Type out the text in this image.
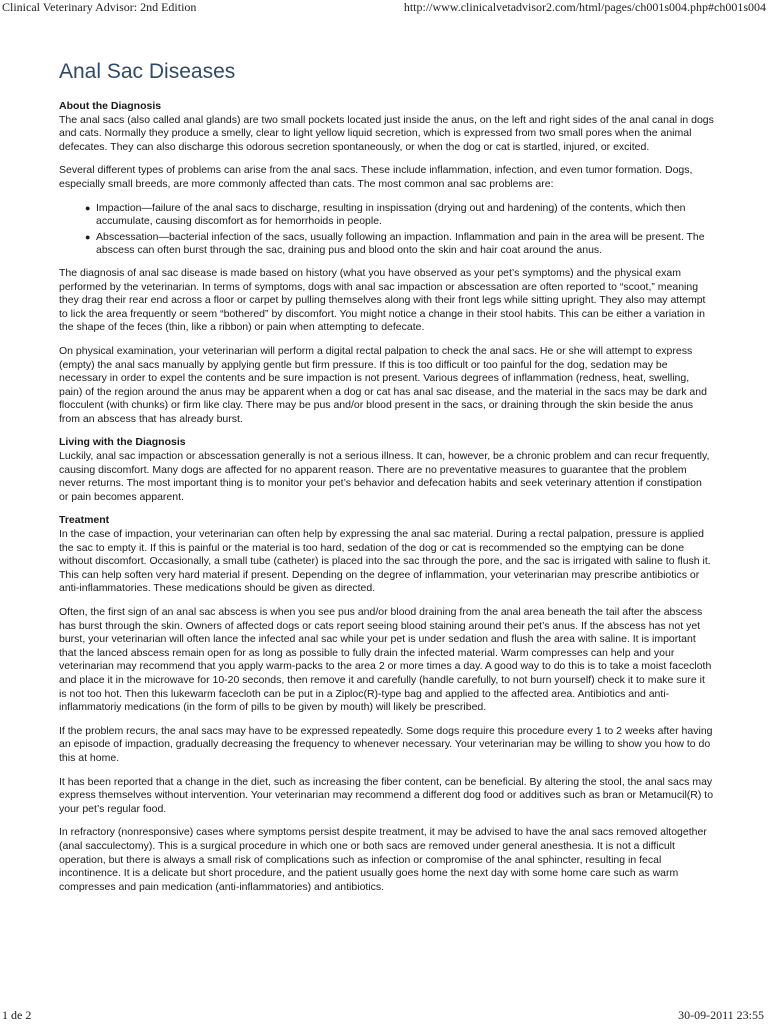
Clinical Veterinary Advisor: 2nd Edition	http://www.clinicalvetadvisor2.com/html/pages/ch001s004.php#ch001s004
Anal Sac Diseases
About the Diagnosis

The anal sacs (also called anal glands) are two small pockets located just inside the anus, on the left and right sides of the anal canal in dogs and cats. Normally they produce a smelly, clear to light yellow liquid secretion, which is expressed from two small pores when the animal defecates. They can also discharge this odorous secretion spontaneously, or when the dog or cat is startled, injured, or excited.

Several different types of problems can arise from the anal sacs. These include inflammation, infection, and even tumor formation. Dogs, especially small breeds, are more commonly affected than cats. The most common anal sac problems are:

● Impaction—failure of the anal sacs to discharge, resulting in inspissation (drying out and hardening) of the contents, which then accumulate, causing discomfort as for hemorrhoids in people.
● Abscessation—bacterial infection of the sacs, usually following an impaction. Inflammation and pain in the area will be present. The abscess can often burst through the sac, draining pus and blood onto the skin and hair coat around the anus.

The diagnosis of anal sac disease is made based on history (what you have observed as your pet’s symptoms) and the physical exam performed by the veterinarian. In terms of symptoms, dogs with anal sac impaction or abscessation are often reported to “scoot,” meaning they drag their rear end across a floor or carpet by pulling themselves along with their front legs while sitting upright. They also may attempt to lick the area frequently or seem “bothered” by discomfort. You might notice a change in their stool habits. This can be either a variation in the shape of the feces (thin, like a ribbon) or pain when attempting to defecate.

On physical examination, your veterinarian will perform a digital rectal palpation to check the anal sacs. He or she will attempt to express (empty) the anal sacs manually by applying gentle but firm pressure. If this is too difficult or too painful for the dog, sedation may be necessary in order to expel the contents and be sure impaction is not present. Various degrees of inflammation (redness, heat, swelling, pain) of the region around the anus may be apparent when a dog or cat has anal sac disease, and the material in the sacs may be dark and flocculent (with chunks) or firm like clay. There may be pus and/or blood present in the sacs, or draining through the skin beside the anus from an abscess that has already burst.

Living with the Diagnosis

Luckily, anal sac impaction or abscessation generally is not a serious illness. It can, however, be a chronic problem and can recur frequently, causing discomfort. Many dogs are affected for no apparent reason. There are no preventative measures to guarantee that the problem never returns. The most important thing is to monitor your pet’s behavior and defecation habits and seek veterinary attention if constipation or pain becomes apparent.

Treatment

In the case of impaction, your veterinarian can often help by expressing the anal sac material. During a rectal palpation, pressure is applied the sac to empty it. If this is painful or the material is too hard, sedation of the dog or cat is recommended so the emptying can be done without discomfort. Occasionally, a small tube (catheter) is placed into the sac through the pore, and the sac is irrigated with saline to flush it. This can help soften very hard material if present. Depending on the degree of inflammation, your veterinarian may prescribe antibiotics or anti-inflammatories. These medications should be given as directed.

Often, the first sign of an anal sac abscess is when you see pus and/or blood draining from the anal area beneath the tail after the abscess has burst through the skin. Owners of affected dogs or cats report seeing blood staining around their pet’s anus. If the abscess has not yet burst, your veterinarian will often lance the infected anal sac while your pet is under sedation and flush the area with saline. It is important that the lanced abscess remain open for as long as possible to fully drain the infected material. Warm compresses can help and your veterinarian may recommend that you apply warm-packs to the area 2 or more times a day. A good way to do this is to take a moist facecloth and place it in the microwave for 10-20 seconds, then remove it and carefully (handle carefully, to not burn yourself) check it to make sure it is not too hot. Then this lukewarm facecloth can be put in a Ziploc(R)-type bag and applied to the affected area. Antibiotics and anti-inflammatoriy medications (in the form of pills to be given by mouth) will likely be prescribed.

If the problem recurs, the anal sacs may have to be expressed repeatedly. Some dogs require this procedure every 1 to 2 weeks after having an episode of impaction, gradually decreasing the frequency to whenever necessary. Your veterinarian may be willing to show you how to do this at home.

It has been reported that a change in the diet, such as increasing the fiber content, can be beneficial. By altering the stool, the anal sacs may express themselves without intervention. Your veterinarian may recommend a different dog food or additives such as bran or Metamucil(R) to your pet’s regular food.

In refractory (nonresponsive) cases where symptoms persist despite treatment, it may be advised to have the anal sacs removed altogether (anal sacculectomy). This is a surgical procedure in which one or both sacs are removed under general anesthesia. It is not a difficult operation, but there is always a small risk of complications such as infection or compromise of the anal sphincter, resulting in fecal incontinence. It is a delicate but short procedure, and the patient usually goes home the next day with some home care such as warm compresses and pain medication (anti-inflammatories) and antibiotics.

1 de 2	30-09-2011 23:55
